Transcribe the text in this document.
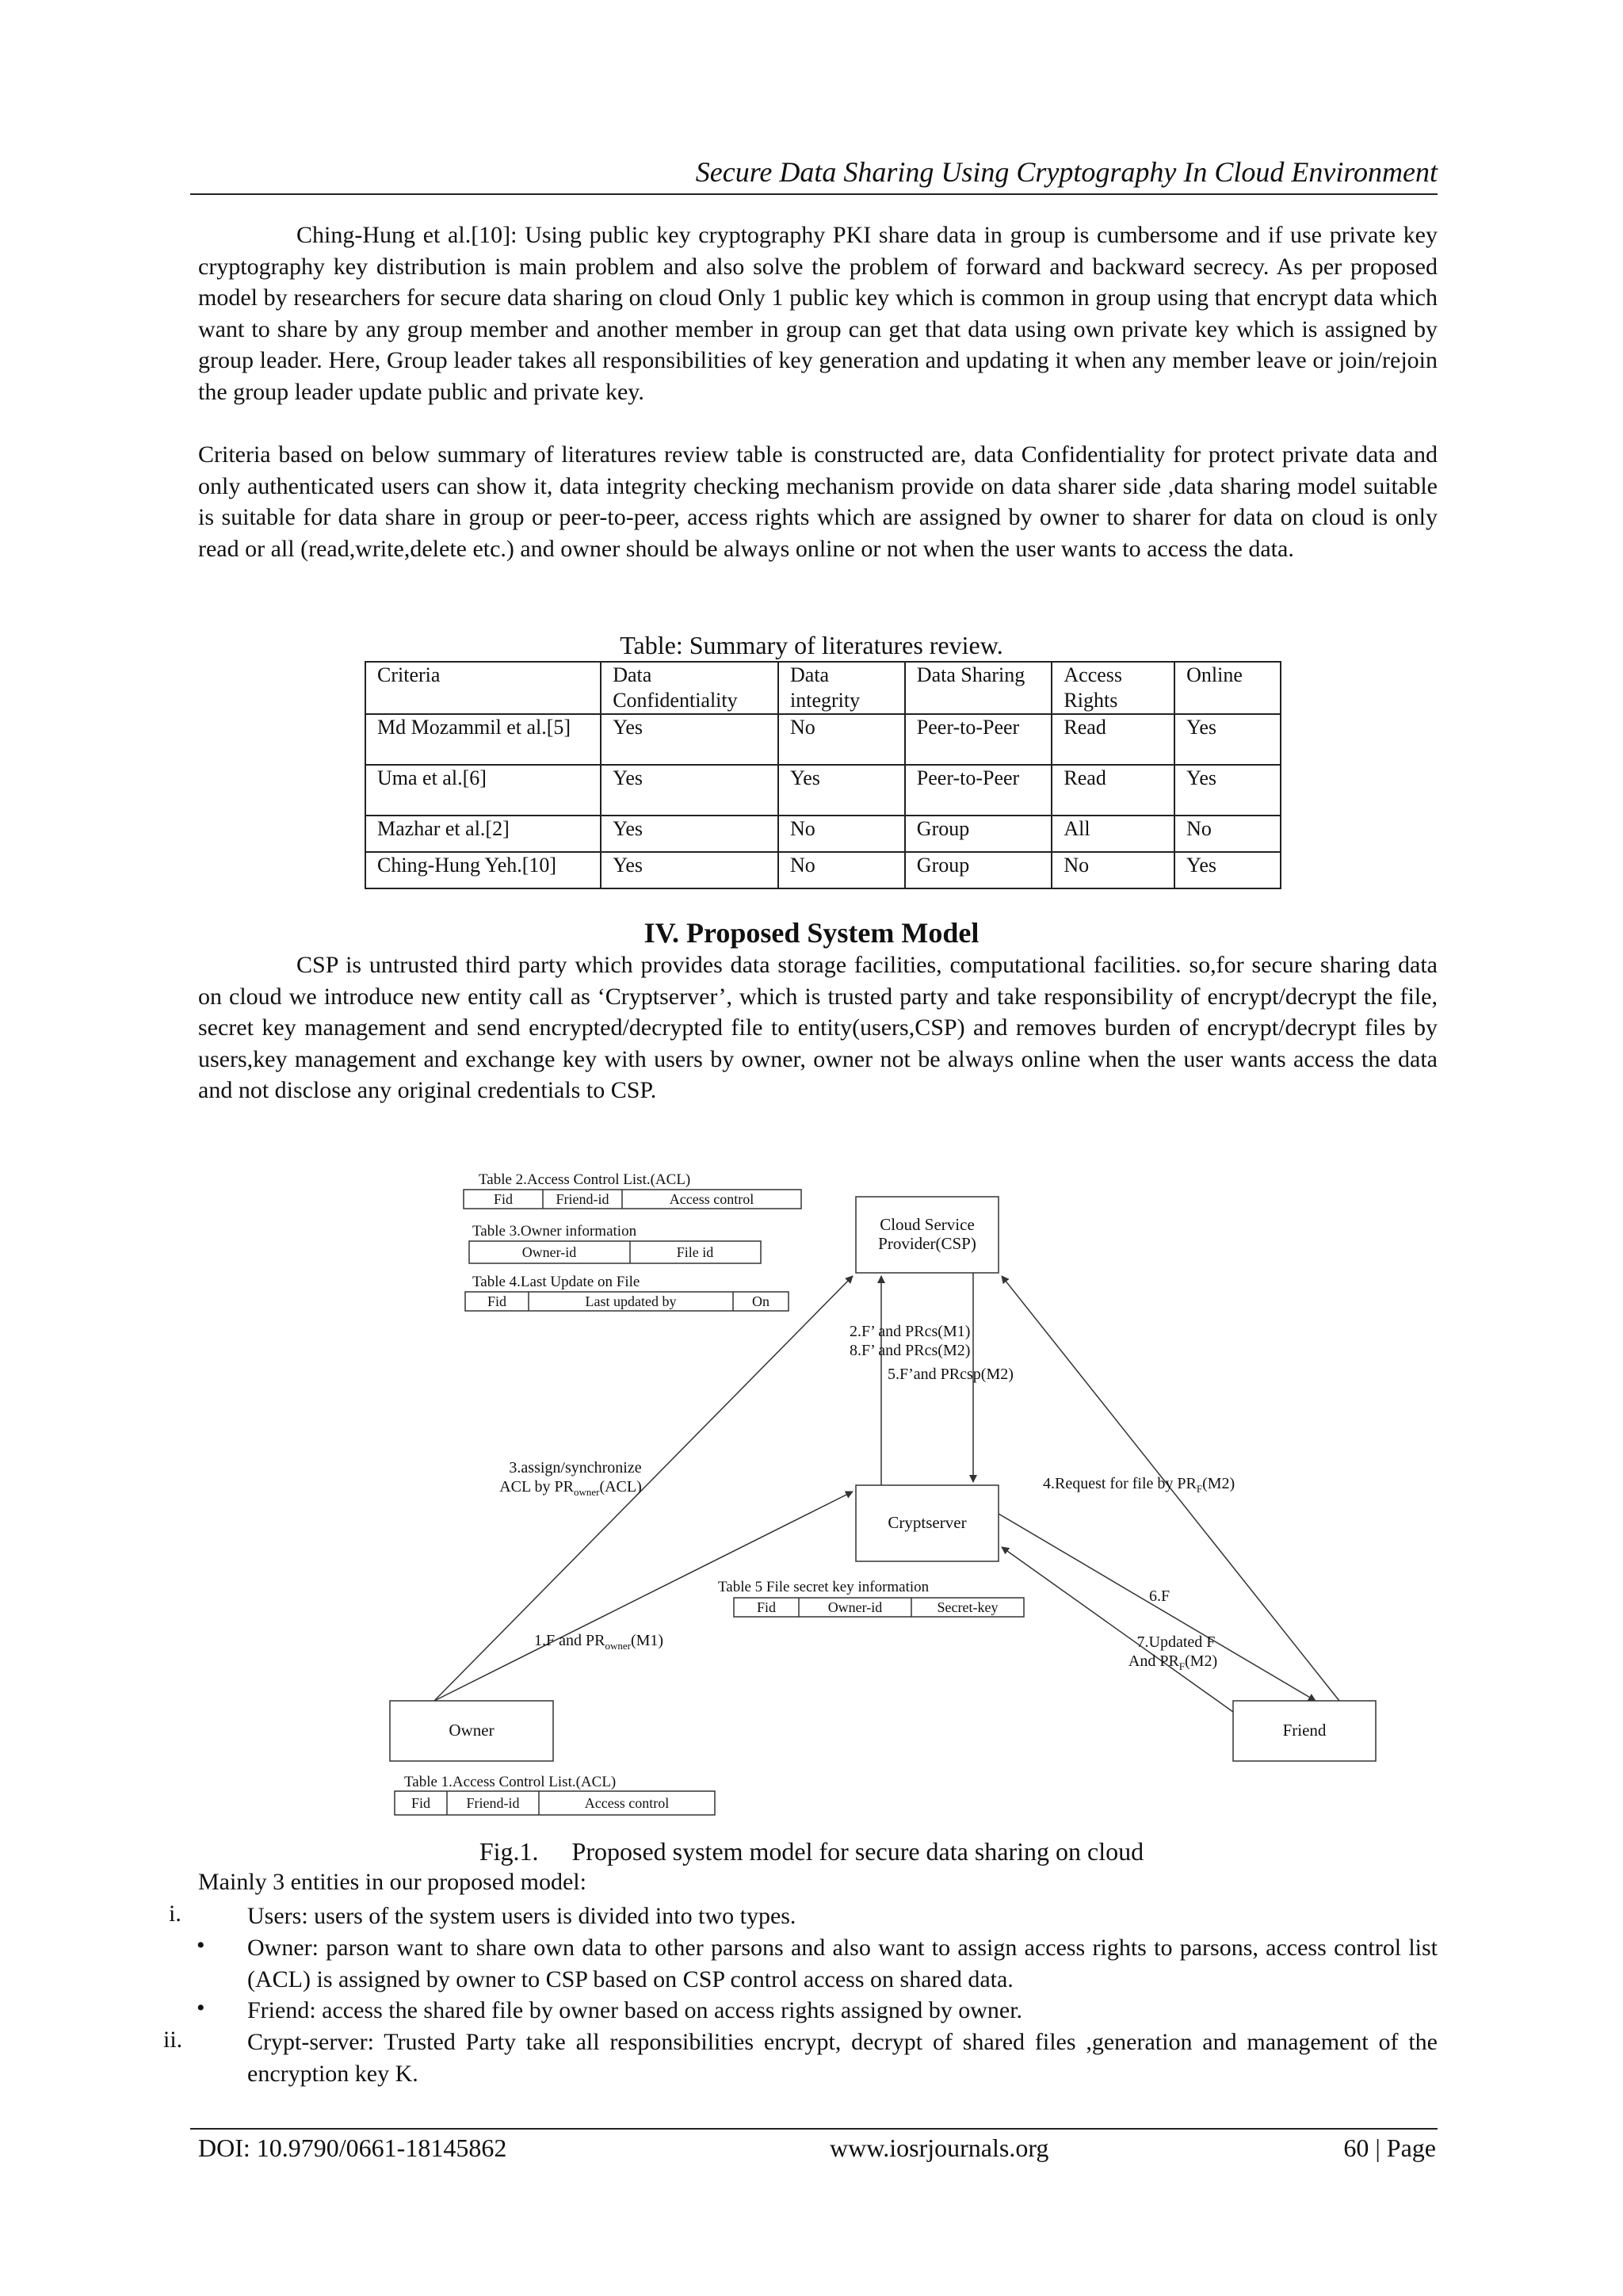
Secure Data Sharing Using Cryptography In Cloud Environment

Ching-Hung et al.[10]: Using public key cryptography PKI share data in group is cumbersome and if use private key cryptography key distribution is main problem and also solve the problem of forward and backward secrecy. As per proposed model by researchers for secure data sharing on cloud Only 1 public key which is common in group using that encrypt data which want to share by any group member and another member in group can get that data using own private key which is assigned by group leader. Here, Group leader takes all responsibilities of key generation and updating it when any member leave or join/rejoin the group leader update public and private key.

Criteria based on below summary of literatures review table is constructed are, data Confidentiality for protect private data and only authenticated users can show it, data integrity checking mechanism provide on data sharer side ,data sharing model suitable is suitable for data share in group or peer-to-peer, access rights which are assigned by owner to sharer for data on cloud is only read or all (read,write,delete etc.) and owner should be always online or not when the user wants to access the data.

Table: Summary of literatures review.
Criteria	Data Confidentiality	Data integrity	Data Sharing	Access Rights	Online
Md Mozammil et al.[5]	Yes	No	Peer-to-Peer	Read	Yes
Uma et al.[6]	Yes	Yes	Peer-to-Peer	Read	Yes
Mazhar et al.[2]	Yes	No	Group	All	No
Ching-Hung Yeh.[10]	Yes	No	Group	No	Yes
IV. Proposed System Model

CSP is untrusted third party which provides data storage facilities, computational facilities. so,for secure sharing data on cloud we introduce new entity call as ‘Cryptserver’, which is trusted party and take responsibility of encrypt/decrypt the file, secret key management and send encrypted/decrypted file to entity(users,CSP) and removes burden of encrypt/decrypt files by users,key management and exchange key with users by owner, owner not be always online when the user wants access the data and not disclose any original credentials to CSP.

Table 2.Access Control List.(ACL)
Fid	Friend-id	Access control
Table 3.Owner information
Owner-id	File id
Table 4.Last Update on File
Fid	Last updated by	On
Cloud Service
Provider(CSP)
Cryptserver
Owner	Friend
2.F’ and PRcs(M1)
8.F’ and PRcs(M2)
5.F’and PRcsp(M2)
3.assign/synchronize
ACL by $PR_{owner}(ACL)$	4.Request for file by $PR_F(M2)$
Table 5 File secret key information
Fid	Owner-id	Secret-key
1.F and $PR_{owner}(M1)$
6.F
7.Updated F
And $PR_F(M2)$
Table 1.Access Control List.(ACL)
Fid	Friend-id	Access control
Fig.1. Proposed system model for secure data sharing on cloud
Mainly 3 entities in our proposed model:
i.	Users: users of the system users is divided into two types.

• Owner: parson want to share own data to other parsons and also want to assign access rights to parsons, access control list (ACL) is assigned by owner to CSP based on CSP control access on shared data.

• Friend: access the shared file by owner based on access rights assigned by owner.

ii.	Crypt-server: Trusted Party take all responsibilities encrypt, decrypt of shared files ,generation and management of the encryption key K.

DOI: 10.9790/0661-18145862	www.iosrjournals.org	60 | Page
